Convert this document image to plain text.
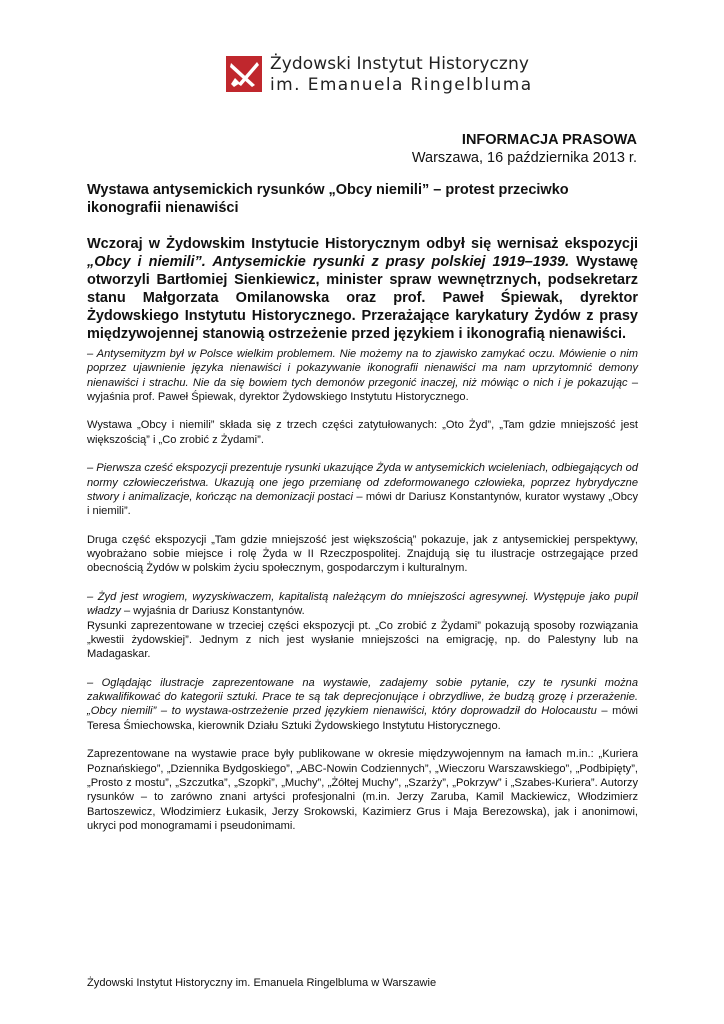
Żydowski Instytut Historyczny
im. Emanuela Ringelbluma
INFORMACJA PRASOWA
Warszawa, 16 października 2013 r.
Wystawa antysemickich rysunków „Obcy niemili” – protest przeciwko ikonografii nienawiści
Wczoraj w Żydowskim Instytucie Historycznym odbył się wernisaż ekspozycji „Obcy i niemili”. Antysemickie rysunki z prasy polskiej 1919–1939. Wystawę otworzyli Bartłomiej Sienkiewicz, minister spraw wewnętrznych, podsekretarz stanu Małgorzata Omilanowska oraz prof. Paweł Śpiewak, dyrektor Żydowskiego Instytutu Historycznego. Przerażające karykatury Żydów z prasy międzywojennej stanowią ostrzeżenie przed językiem i ikonografią nienawiści.

– Antysemityzm był w Polsce wielkim problemem. Nie możemy na to zjawisko zamykać oczu. Mówienie o nim poprzez ujawnienie języka nienawiści i pokazywanie ikonografii nienawiści ma nam uprzytomnić demony nienawiści i strachu. Nie da się bowiem tych demonów przegonić inaczej, niż mówiąc o nich i je pokazując – wyjaśnia prof. Paweł Śpiewak, dyrektor Żydowskiego Instytutu Historycznego.

Wystawa „Obcy i niemili” składa się z trzech części zatytułowanych: „Oto Żyd”, „Tam gdzie mniejszość jest większością” i „Co zrobić z Żydami”.

– Pierwsza cześć ekspozycji prezentuje rysunki ukazujące Żyda w antysemickich wcieleniach, odbiegających od normy człowieczeństwa. Ukazują one jego przemianę od zdeformowanego człowieka, poprzez hybrydyczne stwory i animalizacje, kończąc na demonizacji postaci – mówi dr Dariusz Konstantynów, kurator wystawy „Obcy i niemili”.

Druga część ekspozycji „Tam gdzie mniejszość jest większością” pokazuje, jak z antysemickiej perspektywy, wyobrażano sobie miejsce i rolę Żyda w II Rzeczpospolitej. Znajdują się tu ilustracje ostrzegające przed obecnością Żydów w polskim życiu społecznym, gospodarczym i kulturalnym.

– Żyd jest wrogiem, wyzyskiwaczem, kapitalistą należącym do mniejszości agresywnej. Występuje jako pupil władzy – wyjaśnia dr Dariusz Konstantynów.

Rysunki zaprezentowane w trzeciej części ekspozycji pt. „Co zrobić z Żydami” pokazują sposoby rozwiązania „kwestii żydowskiej”. Jednym z nich jest wysłanie mniejszości na emigrację, np. do Palestyny lub na Madagaskar.

– Oglądając ilustracje zaprezentowane na wystawie, zadajemy sobie pytanie, czy te rysunki można zakwalifikować do kategorii sztuki. Prace te są tak deprecjonujące i obrzydliwe, że budzą grozę i przerażenie. „Obcy niemili” – to wystawa-ostrzeżenie przed językiem nienawiści, który doprowadził do Holocaustu – mówi Teresa Śmiechowska, kierownik Działu Sztuki Żydowskiego Instytutu Historycznego.

Zaprezentowane na wystawie prace były publikowane w okresie międzywojennym na łamach m.in.: „Kuriera Poznańskiego”, „Dziennika Bydgoskiego”, „ABC-Nowin Codziennych”, „Wieczoru Warszawskiego”, „Podbipięty”, „Prosto z mostu”, „Szczutka”, „Szopki”, „Muchy”, „Żółtej Muchy”, „Szarży”, „Pokrzyw” i „Szabes-Kuriera”. Autorzy rysunków – to zarówno znani artyści profesjonalni (m.in. Jerzy Zaruba, Kamil Mackiewicz, Włodzimierz Bartoszewicz, Włodzimierz Łukasik, Jerzy Srokowski, Kazimierz Grus i Maja Berezowska), jak i anonimowi, ukryci pod monogramami i pseudonimami.

Żydowski Instytut Historyczny im. Emanuela Ringelbluma w Warszawie
